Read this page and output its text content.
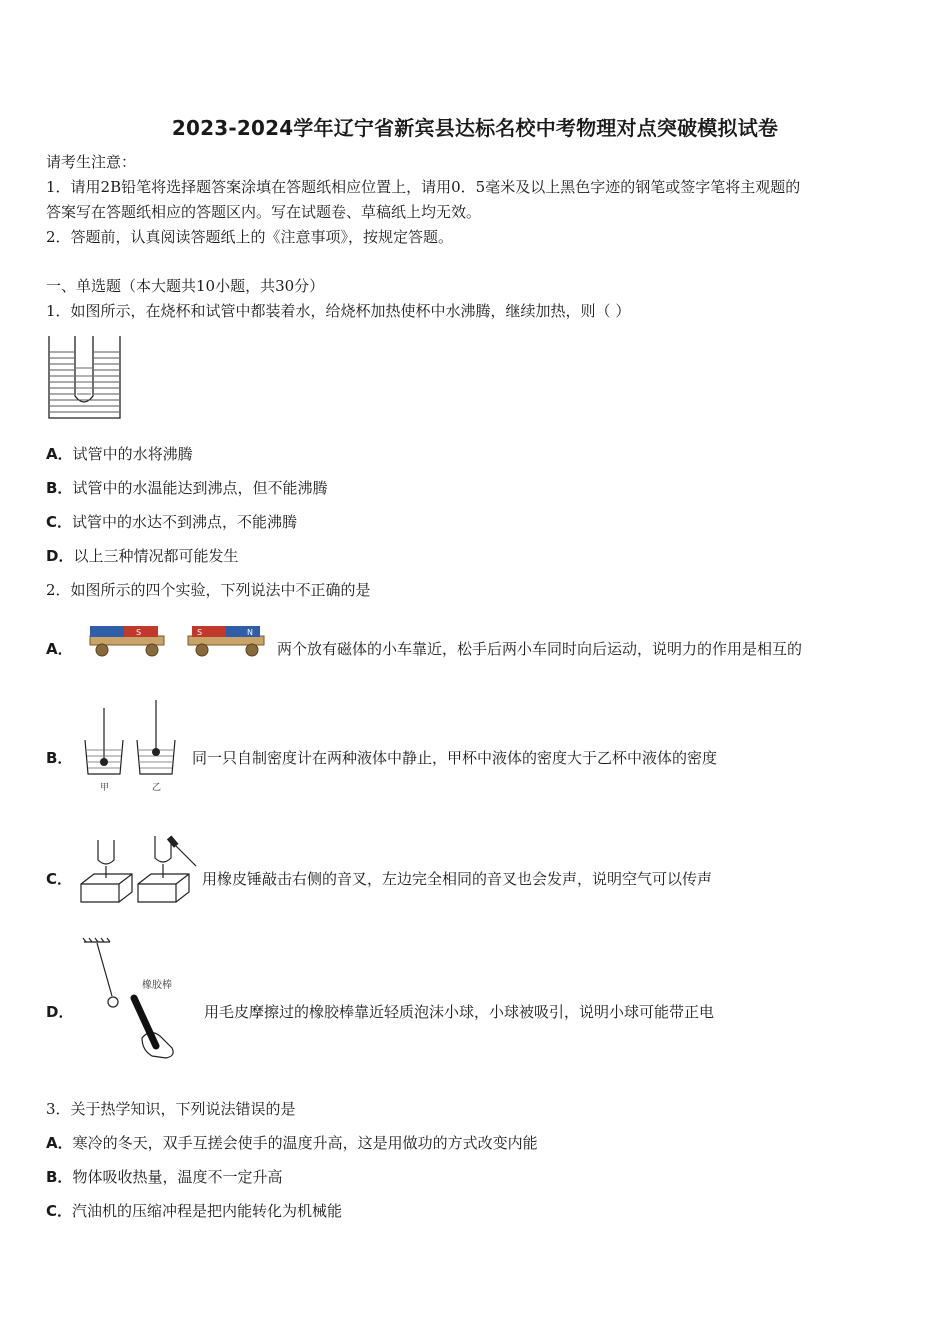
2023-2024学年辽宁省新宾县达标名校中考物理对点突破模拟试卷
请考生注意：
1．请用2B铅笔将选择题答案涂填在答题纸相应位置上，请用0．5毫米及以上黑色字迹的钢笔或签字笔将主观题的
答案写在答题纸相应的答题区内。写在试题卷、草稿纸上均无效。
2．答题前，认真阅读答题纸上的《注意事项》，按规定答题。
一、单选题（本大题共10小题，共30分）
1．如图所示，在烧杯和试管中都装着水，给烧杯加热使杯中水沸腾，继续加热，则（ ）
A．试管中的水将沸腾
B．试管中的水温能达到沸点，但不能沸腾
C．试管中的水达不到沸点，不能沸腾
D．以上三种情况都可能发生
2．如图所示的四个实验，下列说法中不正确的是
A．
S	S	N
两个放有磁体的小车靠近，松手后两小车同时向后运动，说明力的作用是相互的
B．
甲	乙
同一只自制密度计在两种液体中静止，甲杯中液体的密度大于乙杯中液体的密度
C．	用橡皮锤敲击右侧的音叉，左边完全相同的音叉也会发声，说明空气可以传声
D．
橡胶棒
用毛皮摩擦过的橡胶棒靠近轻质泡沫小球，小球被吸引，说明小球可能带正电
3．关于热学知识，下列说法错误的是
A．寒冷的冬天，双手互搓会使手的温度升高，这是用做功的方式改变内能
B．物体吸收热量，温度不一定升高
C．汽油机的压缩冲程是把内能转化为机械能
